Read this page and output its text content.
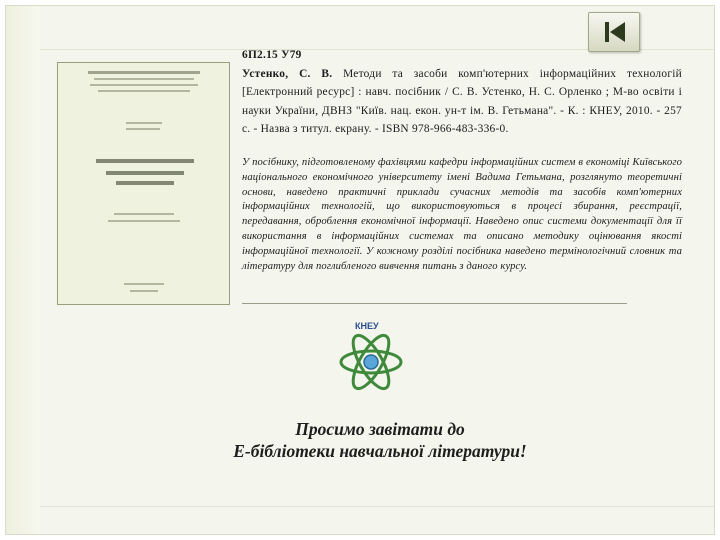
6П2.15 У79
Устенко, С. В. Методи та засоби комп'ютерних інформаційних технологій [Електронний ресурс] : навч. посібник / С. В. Устенко, Н. С. Орленко ; М-во освіти і науки України, ДВНЗ "Київ. нац. екон. ун-т ім. В. Гетьмана". - К. : КНЕУ, 2010. - 257 с. - Назва з титул. екрану. - ISBN 978-966-483-336-0.
У посібнику, підготовленому фахівцями кафедри інформаційних систем в економіці Київського національного економічного університету імені Вадима Гетьмана, розглянуто теоретичні основи, наведено практичні приклади сучасних методів та засобів комп'ютерних інформаційних технологій, що використовуються в процесі збирання, реєстрації, передавання, оброблення економічної інформації. Наведено опис системи документації для її використання в інформаційних системах та описано методику оцінювання якості інформаційної технології. У кожному розділі посібника наведено термінологічний словник та літературу для поглибленого вивчення питань з даного курсу.
КНЕУ
Просимо завітати до
Е-бібліотеки навчальної літератури!
